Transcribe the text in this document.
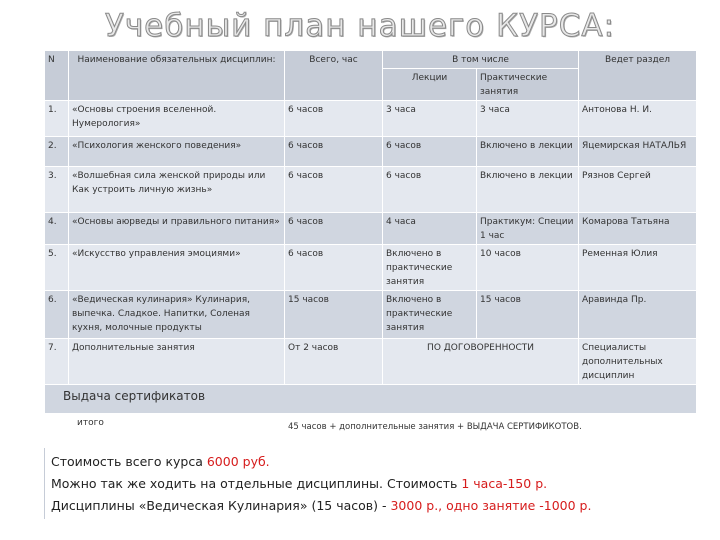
Учебный план нашего КУРСА:
N	Наименование обязательных дисциплин:	Всего, час	В том числе		Ведет раздел
			Лекции	Практические занятия	
1.	«Основы строения вселенной. Нумерология»	6 часов	3 часа	3 часа	Антонова Н. И.
2.	«Психология женского поведения»	6 часов	6 часов	Включено в лекции	Яцемирская НАТАЛЬЯ
3.	«Волшебная сила женской природы или Как устроить личную жизнь»	6 часов	6 часов	Включено в лекции	Рязнов Сергей
4.	«Основы аюрведы и правильного питания»	6 часов	4 часа	Практикум: Специи 1 час	Комарова Татьяна
5.	«Искусство управления эмоциями»	6 часов	Включено в практические занятия	10 часов	Ременная Юлия
6.	«Ведическая кулинария» Кулинария, выпечка. Сладкое. Напитки, Соленая кухня, молочные продукты	15 часов	Включено в практические занятия	15 часов	Аравинда Пр.
7.	Дополнительные занятия	От 2 часов	ПО ДОГОВОРЕННОСТИ		Специалисты дополнительных дисциплин
Выдача сертификатов					
итого		45 часов + дополнительные занятия + ВЫДАЧА СЕРТИФИКОТОВ.			
Стоимость всего курса 6000 руб.
Можно так же ходить на отдельные дисциплины. Стоимость 1 часа-150 р.
Дисциплины «Ведическая Кулинария» (15 часов) - 3000 р., одно занятие -1000 р.
